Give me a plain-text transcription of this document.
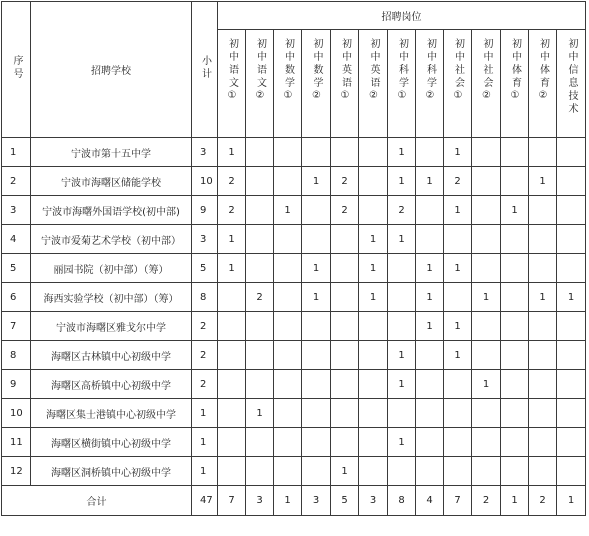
序号	招聘学校	小计	招聘岗位												
			初中语文①	初中语文②	初中数学①	初中数学②	初中英语①	初中英语②	初中科学①	初中科学②	初中社会①	初中社会②	初中体育①	初中体育②	初中信息技术
1	宁波市第十五中学	3	1						1		1				
2	宁波市海曙区储能学校	10	2			1	2		1	1	2			1	
3	宁波市海曙外国语学校(初中部)	9	2		1		2		2		1		1		
4	宁波市爱菊艺术学校（初中部）	3	1					1	1						
5	丽园书院（初中部）（筹）	5	1			1		1		1	1				
6	海西实验学校（初中部）（筹）	8		2		1		1		1		1		1	1
7	宁波市海曙区雅戈尔中学	2								1	1				
8	海曙区古林镇中心初级中学	2							1		1				
9	海曙区高桥镇中心初级中学	2							1			1			
10	海曙区集士港镇中心初级中学	1		1											
11	海曙区横街镇中心初级中学	1							1						
12	海曙区洞桥镇中心初级中学	1					1								
合计		47	7	3	1	3	5	3	8	4	7	2	1	2	1
